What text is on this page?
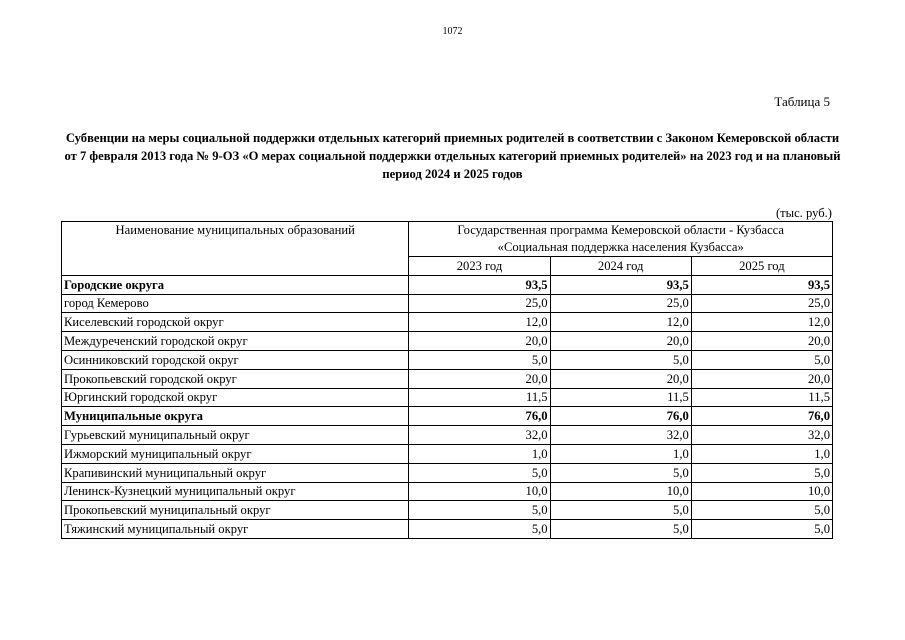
1072
Таблица 5
Субвенции на меры социальной поддержки отдельных категорий приемных родителей в соответствии с Законом Кемеровской области от 7 февраля 2013 года № 9-ОЗ «О мерах социальной поддержки отдельных категорий приемных родителей» на 2023 год и на плановый период 2024 и 2025 годов
(тыс. руб.)
Наименование муниципальных образований	Государственная программа Кемеровской области - Кузбасса
«Социальная поддержка населения Кузбасса»		
	2023 год	2024 год	2025 год
Городские округа	93,5	93,5	93,5
город Кемерово	25,0	25,0	25,0
Киселевский городской округ	12,0	12,0	12,0
Междуреченский городской округ	20,0	20,0	20,0
Осинниковский городской округ	5,0	5,0	5,0
Прокопьевский городской округ	20,0	20,0	20,0
Юргинский городской округ	11,5	11,5	11,5
Муниципальные округа	76,0	76,0	76,0
Гурьевский муниципальный округ	32,0	32,0	32,0
Ижморский муниципальный округ	1,0	1,0	1,0
Крапивинский муниципальный округ	5,0	5,0	5,0
Ленинск-Кузнецкий муниципальный округ	10,0	10,0	10,0
Прокопьевский муниципальный округ	5,0	5,0	5,0
Тяжинский муниципальный округ	5,0	5,0	5,0
